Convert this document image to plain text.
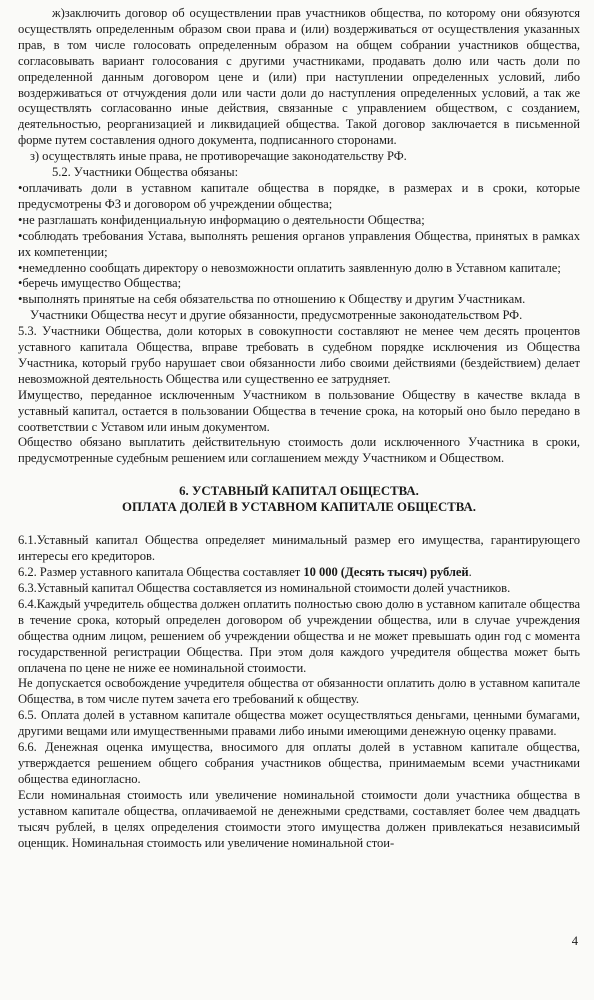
ж)заключить договор об осуществлении прав участников общества, по которому они обязуются осуществлять определенным образом свои права и (или) воздерживаться от осуществления указанных прав, в том числе голосовать определенным образом на общем собрании участников общества, согласовывать вариант голосования с другими участниками, продавать долю или часть доли по определенной данным договором цене и (или) при наступлении определенных условий, либо воздерживаться от отчуждения доли или части доли до наступления определенных условий, а так же осуществлять согласованно иные действия, связанные с управлением обществом, с созданием, деятельностью, реорганизацией и ликвидацией общества. Такой договор заключается в письменной форме путем составления одного документа, подписанного сторонами.

з) осуществлять иные права, не противоречащие законодательству РФ.

5.2. Участники Общества обязаны:

•оплачивать доли в уставном капитале общества в порядке, в размерах и в сроки, которые предусмотрены ФЗ и договором об учреждении общества;

•не разглашать конфиденциальную информацию о деятельности Общества;

•соблюдать требования Устава, выполнять решения органов управления Общества, принятых в рамках их компетенции;

•немедленно сообщать директору о невозможности оплатить заявленную долю в Уставном капитале;

•беречь имущество Общества;

•выполнять принятые на себя обязательства по отношению к Обществу и другим Участникам.

Участники Общества несут и другие обязанности, предусмотренные законодательством РФ.

5.3. Участники Общества, доли которых в совокупности составляют не менее чем десять процентов уставного капитала Общества, вправе требовать в судебном порядке исключения из Общества Участника, который грубо нарушает свои обязанности либо своими действиями (бездействием) делает невозможной деятельность Общества или существенно ее затрудняет.

Имущество, переданное исключенным Участником в пользование Обществу в качестве вклада в уставный капитал, остается в пользовании Общества в течение срока, на который оно было передано в соответствии с Уставом или иным документом.

Общество обязано выплатить действительную стоимость доли исключенного Участника в сроки, предусмотренные судебным решением или соглашением между Участником и Обществом.

6. УСТАВНЫЙ КАПИТАЛ ОБЩЕСТВА.

ОПЛАТА ДОЛЕЙ В УСТАВНОМ КАПИТАЛЕ ОБЩЕСТВА.

6.1.Уставный капитал Общества определяет минимальный размер его имущества, гарантирующего интересы его кредиторов.

6.2. Размер уставного капитала Общества составляет 10 000 (Десять тысяч) рублей.

6.3.Уставный капитал Общества составляется из номинальной стоимости долей участников.

6.4.Каждый учредитель общества должен оплатить полностью свою долю в уставном капитале общества в течение срока, который определен договором об учреждении общества, или в случае учреждения общества одним лицом, решением об учреждении общества и не может превышать один год с момента государственной регистрации Общества. При этом доля каждого учредителя общества может быть оплачена по цене не ниже ее номинальной стоимости.

Не допускается освобождение учредителя общества от обязанности оплатить долю в уставном капитале Общества, в том числе путем зачета его требований к обществу.

6.5. Оплата долей в уставном капитале общества может осуществляться деньгами, ценными бумагами, другими вещами или имущественными правами либо иными имеющими денежную оценку правами.

6.6. Денежная оценка имущества, вносимого для оплаты долей в уставном капитале общества, утверждается решением общего собрания участников общества, принимаемым всеми участниками общества единогласно.

Если номинальная стоимость или увеличение номинальной стоимости доли участника общества в уставном капитале общества, оплачиваемой не денежными средствами, составляет более чем двадцать тысяч рублей, в целях определения стоимости этого имущества должен привлекаться независимый оценщик. Номинальная стоимость или увеличение номинальной стои-

4
